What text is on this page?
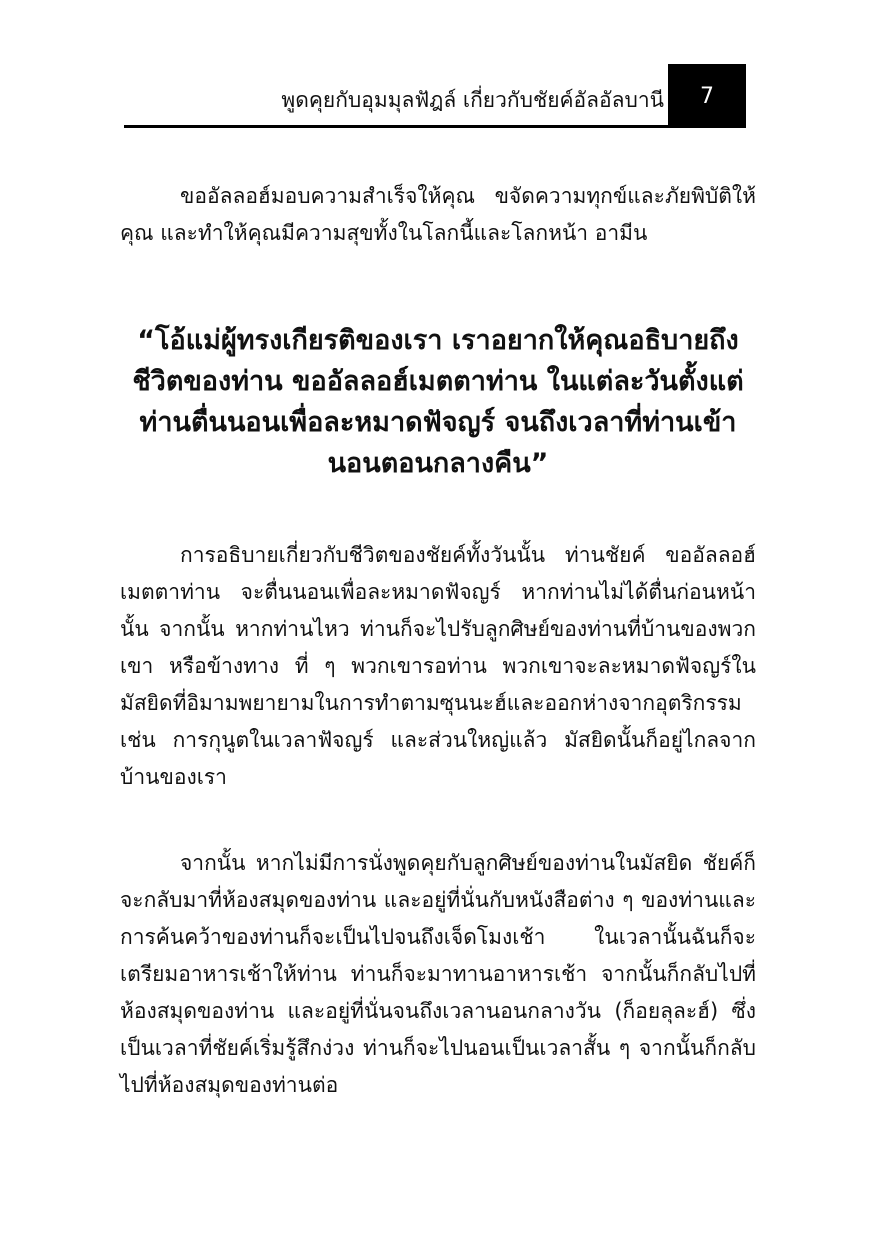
พูดคุยกับอุมมุลฟัฎล์ เกี่ยวกับชัยค์อัลอัลบานี 7

ขออัลลอฮ์มอบความสำเร็จให้คุณ ขจัดความทุกข์และภัยพิบัติให้คุณ และทำให้คุณมีความสุขทั้งในโลกนี้และโลกหน้า อามีน

“โอ้แม่ผู้ทรงเกียรติของเรา เราอยากให้คุณอธิบายถึงชีวิตของท่าน ขออัลลอฮ์เมตตาท่าน ในแต่ละวันตั้งแต่ท่านตื่นนอนเพื่อละหมาดฟัจญร์ จนถึงเวลาที่ท่านเข้านอนตอนกลางคืน”

การอธิบายเกี่ยวกับชีวิตของชัยค์ทั้งวันนั้น ท่านชัยค์ ขออัลลอฮ์เมตตาท่าน จะตื่นนอนเพื่อละหมาดฟัจญร์ หากท่านไม่ได้ตื่นก่อนหน้านั้น จากนั้น หากท่านไหว ท่านก็จะไปรับลูกศิษย์ของท่านที่บ้านของพวกเขา หรือข้างทาง ที่ ๆ พวกเขารอท่าน พวกเขาจะละหมาดฟัจญร์ในมัสยิดที่อิมามพยายามในการทำตามซุนนะฮ์และออกห่างจากอุตริกรรม เช่น การกุนูตในเวลาฟัจญร์ และส่วนใหญ่แล้ว มัสยิดนั้นก็อยู่ไกลจากบ้านของเรา

จากนั้น หากไม่มีการนั่งพูดคุยกับลูกศิษย์ของท่านในมัสยิด ชัยค์ก็จะกลับมาที่ห้องสมุดของท่าน และอยู่ที่นั่นกับหนังสือต่าง ๆ ของท่านและการค้นคว้าของท่านก็จะเป็นไปจนถึงเจ็ดโมงเช้า ในเวลานั้นฉันก็จะเตรียมอาหารเช้าให้ท่าน ท่านก็จะมาทานอาหารเช้า จากนั้นก็กลับไปที่ห้องสมุดของท่าน และอยู่ที่นั่นจนถึงเวลานอนกลางวัน (ก็อยลุละฮ์) ซึ่งเป็นเวลาที่ชัยค์เริ่มรู้สึกง่วง ท่านก็จะไปนอนเป็นเวลาสั้น ๆ จากนั้นก็กลับไปที่ห้องสมุดของท่านต่อ
